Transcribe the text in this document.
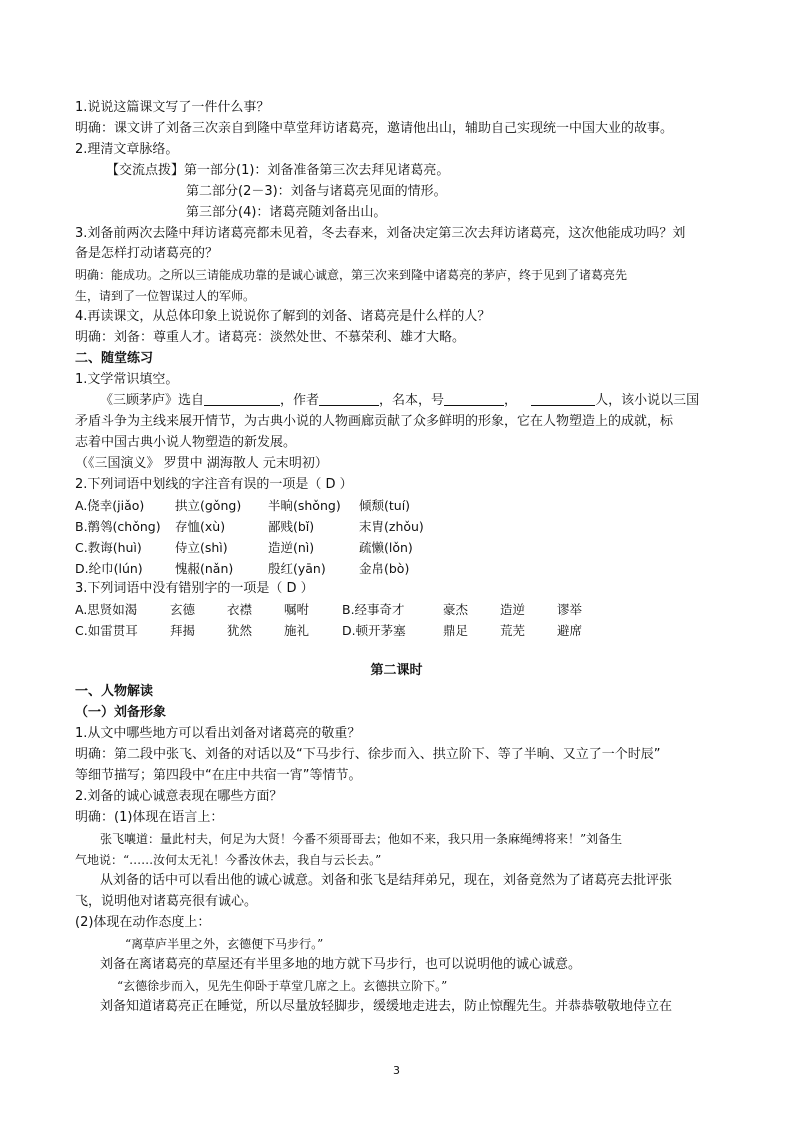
1.说说这篇课文写了一件什么事？
明确：课文讲了刘备三次亲自到隆中草堂拜访诸葛亮，邀请他出山，辅助自己实现统一中国大业的故事。
2.理清文章脉络。
【交流点拨】第一部分(1)：刘备准备第三次去拜见诸葛亮。
第二部分(2－3)：刘备与诸葛亮见面的情形。
第三部分(4)：诸葛亮随刘备出山。
3.刘备前两次去隆中拜访诸葛亮都未见着，冬去春来，刘备决定第三次去拜访诸葛亮，这次他能成功吗？刘
备是怎样打动诸葛亮的？
明确：能成功。之所以三请能成功靠的是诚心诚意，第三次来到隆中诸葛亮的茅庐，终于见到了诸葛亮先
生，请到了一位智谋过人的军师。
4.再读课文，从总体印象上说说你了解到的刘备、诸葛亮是什么样的人？
明确：刘备：尊重人才。诸葛亮：淡然处世、不慕荣利、雄才大略。
二、随堂练习
1.文学常识填空。
《三顾茅庐》选自	，作者	，名本，号	，	人，该小说以三国
矛盾斗争为主线来展开情节，为古典小说的人物画廊贡献了众多鲜明的形象，它在人物塑造上的成就，标
志着中国古典小说人物塑造的新发展。
（《三国演义》 罗贯中 湖海散人 元末明初）
2.下列词语中划线的字注音有误的一项是（ D ）
A.侥幸(jiǎo) 拱立(gǒng) 半晌(shǒng) 倾颓(tuí)
B.鹡鸰(chǒng) 存恤(xù)	鄙贱(bǐ)	末胄(zhǒu)
C.教诲(huì)	侍立(shì)	造逆(nì)	疏懒(lǒn)
D.纶巾(lún)	愧赧(nǎn)	殷红(yān)	金帛(bò)
3.下列词语中没有错别字的一项是（ D ）
A.思贤如渴	玄德	衣襟	嘱咐	B.经事奇才	豪杰	造逆	谬举
C.如雷贯耳	拜揭	犹然	施礼	D.顿开茅塞	鼎足	荒芜	避席
第二课时
一、人物解读
（一）刘备形象
1.从文中哪些地方可以看出刘备对诸葛亮的敬重？
明确：第二段中张飞、刘备的对话以及“下马步行、徐步而入、拱立阶下、等了半晌、又立了一个时辰”
等细节描写；第四段中“在庄中共宿一宵”等情节。
2.刘备的诚心诚意表现在哪些方面？
明确：(1)体现在语言上：
张飞嚷道：量此村夫，何足为大贤！今番不须哥哥去；他如不来，我只用一条麻绳缚将来！”刘备生
气地说：“……汝何太无礼！今番汝休去，我自与云长去。”
从刘备的话中可以看出他的诚心诚意。刘备和张飞是结拜弟兄，现在，刘备竟然为了诸葛亮去批评张
飞，说明他对诸葛亮很有诚心。
(2)体现在动作态度上：
“离草庐半里之外，玄德便下马步行。”
刘备在离诸葛亮的草屋还有半里多地的地方就下马步行，也可以说明他的诚心诚意。
“玄德徐步而入，见先生仰卧于草堂几席之上。玄德拱立阶下。”
刘备知道诸葛亮正在睡觉，所以尽量放轻脚步，缓缓地走进去，防止惊醒先生。并恭恭敬敬地侍立在
3
